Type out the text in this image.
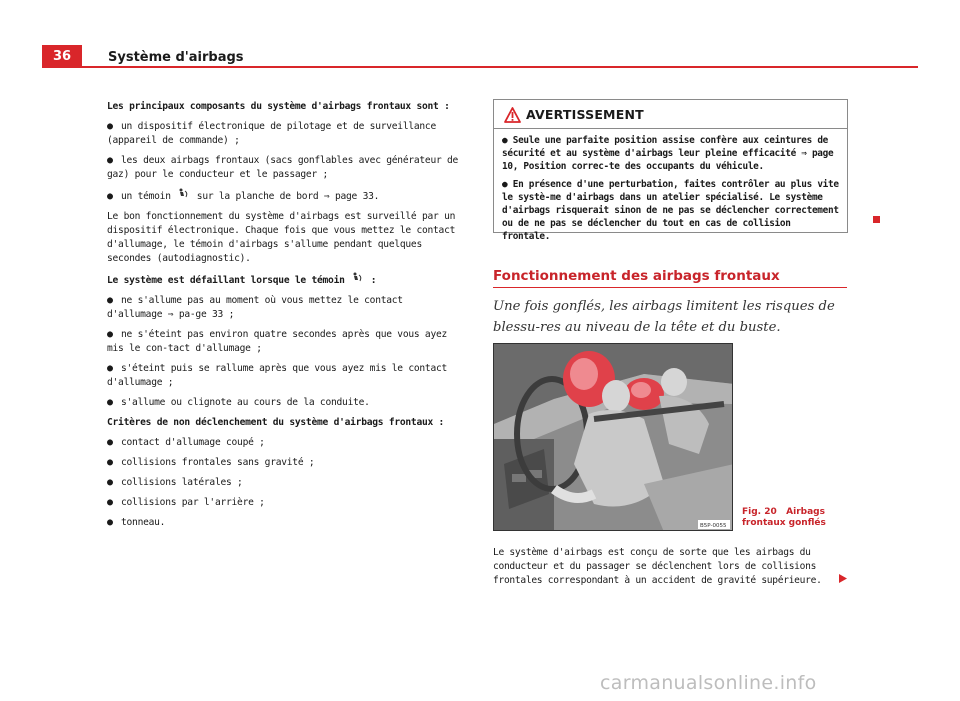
36	Système d'airbags

Les principaux composants du système d'airbags frontaux sont :

● un dispositif électronique de pilotage et de surveillance (appareil de commande) ;
● les deux airbags frontaux (sacs gonflables avec générateur de gaz) pour le conducteur et le passager ;
● un témoin	sur la planche de bord ⇒ page 33.

Le bon fonctionnement du système d'airbags est surveillé par un dispositif électronique. Chaque fois que vous mettez le contact d'allumage, le témoin d'airbags s'allume pendant quelques secondes (autodiagnostic).

Le système est défaillant lorsque le témoin	:

● ne s'allume pas au moment où vous mettez le contact d'allumage ⇒ pa-ge 33 ;
● ne s'éteint pas environ quatre secondes après que vous ayez mis le con-tact d'allumage ;
● s'éteint puis se rallume après que vous ayez mis le contact d'allumage ;
● s'allume ou clignote au cours de la conduite.

Critères de non déclenchement du système d'airbags frontaux :

● contact d'allumage coupé ;
● collisions frontales sans gravité ;
● collisions latérales ;
● collisions par l'arrière ;
● tonneau.
AVERTISSEMENT
● Seule une parfaite position assise confère aux ceintures de sécurité et au système d'airbags leur pleine efficacité ⇒ page 10, Position correc-te des occupants du véhicule.
● En présence d'une perturbation, faites contrôler au plus vite le systè-me d'airbags dans un atelier spécialisé. Le système d'airbags risquerait sinon de ne pas se déclencher correctement ou de ne pas se déclencher du tout en cas de collision frontale.
Fonctionnement des airbags frontaux
Une fois gonflés, les airbags limitent les risques de blessu-res au niveau de la tête et du buste.
B5P-0055
Fig. 20 Airbags frontaux gonflés
Le système d'airbags est conçu de sorte que les airbags du conducteur et du passager se déclenchent lors de collisions frontales correspondant à un accident de gravité supérieure.
carmanualsonline.info
